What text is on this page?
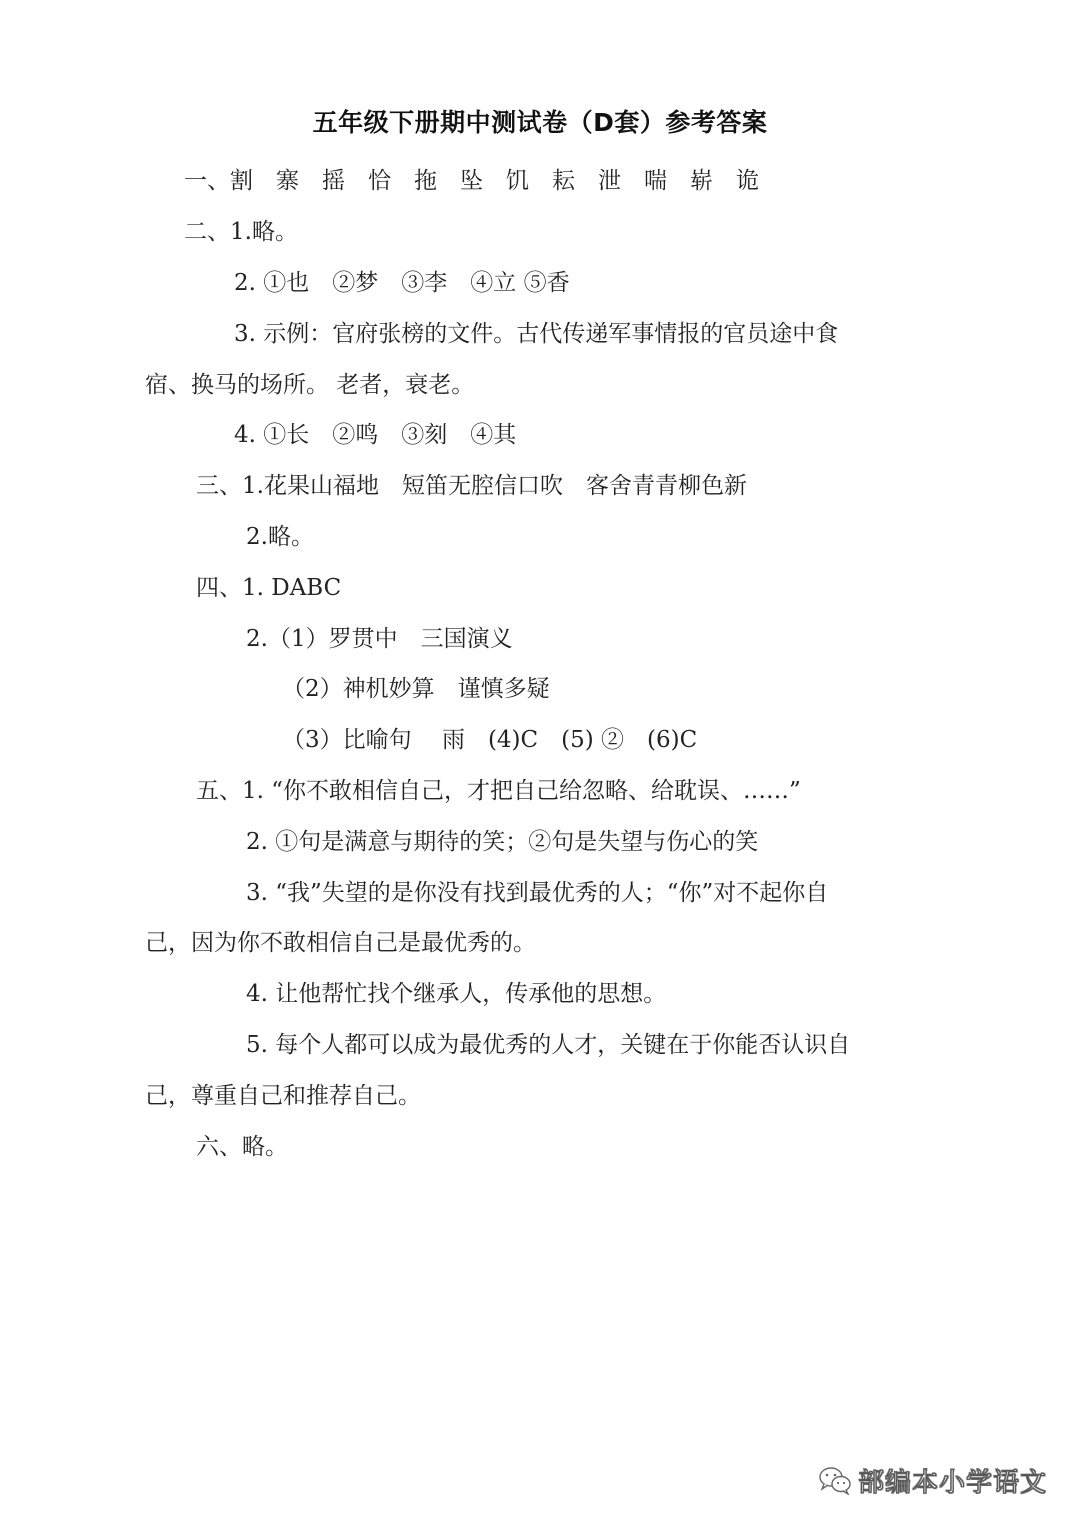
五年级下册期中测试卷（D套）参考答案
一、割　寨　摇　恰　拖　坠　饥　耘　泄　喘　崭　诡
二、1.略。
2. ①也　②梦　③李　④立 ⑤香
3. 示例：官府张榜的文件。古代传递军事情报的官员途中食
宿、换马的场所。 老者，衰老。
4. ①长　②鸣　③刻　④其
三、1.花果山福地　短笛无腔信口吹　客舍青青柳色新
2.略。
四、1. DABC
2.（1）罗贯中　三国演义
（2）神机妙算　谨慎多疑
（3）比喻句　 雨　(4)C　(5) ②　(6)C
五、1. “你不敢相信自己，才把自己给忽略、给耽误、……”
2. ①句是满意与期待的笑；②句是失望与伤心的笑
3. “我”失望的是你没有找到最优秀的人；“你”对不起你自
己，因为你不敢相信自己是最优秀的。
4. 让他帮忙找个继承人，传承他的思想。
5. 每个人都可以成为最优秀的人才，关键在于你能否认识自
己，尊重自己和推荐自己。
六、略。
部编本小学语文
